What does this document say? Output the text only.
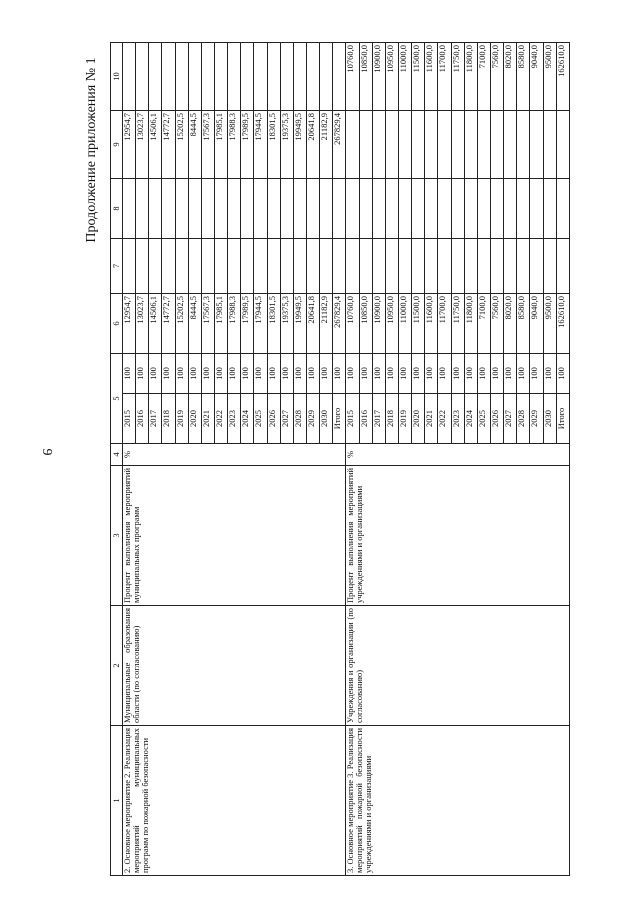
9
Продолжение приложения № 1
1	2	3	4	5		6	7	8	9	10
2. Основное мероприятие 2. Реализация мероприятий муниципальных программ по пожарной безопасности	Муниципальные образования области (по согласованию)	Процент выполнения мероприятий муниципальных программ	%	2015	100	12954,7			12954,7	
				2016	100	13023,7			13023,7	
				2017	100	14506,1			14506,1	
				2018	100	14772,7			14772,7	
				2019	100	15202,5			15202,5	
				2020	100	8444,5			8444,5	
				2021	100	17567,3			17567,3	
				2022	100	17985,1			17985,1	
				2023	100	17988,3			17988,3	
				2024	100	17989,5			17989,5	
				2025	100	17944,5			17944,5	
				2026	100	18301,5			18301,5	
				2027	100	19375,3			19375,3	
				2028	100	19949,5			19949,5	
				2029	100	20641,8			20641,8	
				2030	100	21182,9			21182,9	
				Итого	100	267829,4			267829,4	
3. Основное мероприятие 3. Реализация мероприятий пожарной безопасности учреждениями и организациями	Учреждения и организации (по согласованию)	Процент выполнения мероприятий учреждениями и организациями	%	2015	100	10760,0				10760,0
				2016	100	10850,0				10850,0
				2017	100	10900,0				10900,0
				2018	100	10950,0				10950,0
				2019	100	11000,0				11000,0
				2020	100	11500,0				11500,0
				2021	100	11600,0				11600,0
				2022	100	11700,0				11700,0
				2023	100	11750,0				11750,0
				2024	100	11800,0				11800,0
				2025	100	7100,0				7100,0
				2026	100	7560,0				7560,0
				2027	100	8020,0				8020,0
				2028	100	8580,0				8580,0
				2029	100	9040,0				9040,0
				2030	100	9500,0				9500,0
				Итого	100	162610,0				162610,0
